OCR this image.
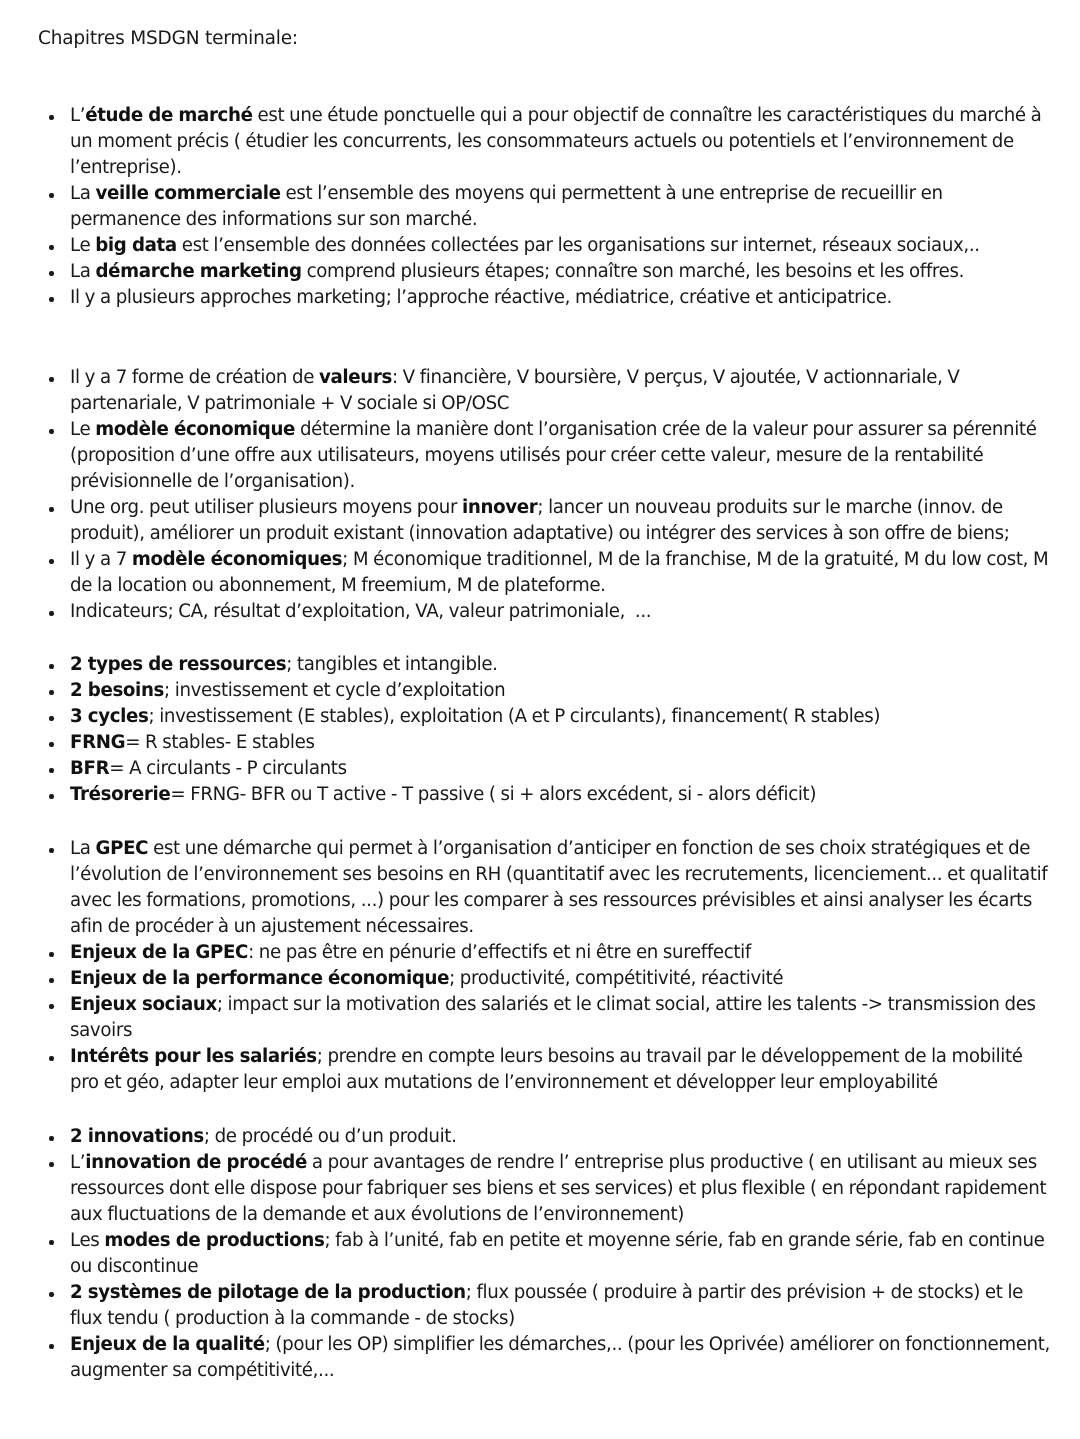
Chapitres MSDGN terminale:
L’étude de marché est une étude ponctuelle qui a pour objectif de connaître les caractéristiques du marché à un moment précis ( étudier les concurrents, les consommateurs actuels ou potentiels et l’environnement de l’entreprise).
La veille commerciale est l’ensemble des moyens qui permettent à une entreprise de recueillir en permanence des informations sur son marché.
Le big data est l’ensemble des données collectées par les organisations sur internet, réseaux sociaux,..
La démarche marketing comprend plusieurs étapes; connaître son marché, les besoins et les offres.
Il y a plusieurs approches marketing; l’approche réactive, médiatrice, créative et anticipatrice.
Il y a 7 forme de création de valeurs: V financière, V boursière, V perçus, V ajoutée, V actionnariale, V partenariale, V patrimoniale + V sociale si OP/OSC
Le modèle économique détermine la manière dont l’organisation crée de la valeur pour assurer sa pérennité (proposition d’une offre aux utilisateurs, moyens utilisés pour créer cette valeur, mesure de la rentabilité prévisionnelle de l’organisation).
Une org. peut utiliser plusieurs moyens pour innover; lancer un nouveau produits sur le marche (innov. de produit), améliorer un produit existant (innovation adaptative) ou intégrer des services à son offre de biens;
Il y a 7 modèle économiques; M économique traditionnel, M de la franchise, M de la gratuité, M du low cost, M de la location ou abonnement, M freemium, M de plateforme.
Indicateurs; CA, résultat d’exploitation, VA, valeur patrimoniale,  ...
2 types de ressources; tangibles et intangible.
2 besoins; investissement et cycle d’exploitation
3 cycles; investissement (E stables), exploitation (A et P circulants), financement( R stables)
FRNG= R stables- E stables
BFR= A circulants - P circulants
Trésorerie= FRNG- BFR ou T active - T passive ( si + alors excédent, si - alors déficit)
La GPEC est une démarche qui permet à l’organisation d’anticiper en fonction de ses choix stratégiques et de l’évolution de l’environnement ses besoins en RH (quantitatif avec les recrutements, licenciement... et qualitatif avec les formations, promotions, ...) pour les comparer à ses ressources prévisibles et ainsi analyser les écarts afin de procéder à un ajustement nécessaires.
Enjeux de la GPEC: ne pas être en pénurie d’effectifs et ni être en sureffectif
Enjeux de la performance économique; productivité, compétitivité, réactivité
Enjeux sociaux; impact sur la motivation des salariés et le climat social, attire les talents -> transmission des savoirs
Intérêts pour les salariés; prendre en compte leurs besoins au travail par le développement de la mobilité pro et géo, adapter leur emploi aux mutations de l’environnement et développer leur employabilité
2 innovations; de procédé ou d’un produit.
L’innovation de procédé a pour avantages de rendre l’ entreprise plus productive ( en utilisant au mieux ses ressources dont elle dispose pour fabriquer ses biens et ses services) et plus flexible ( en répondant rapidement aux fluctuations de la demande et aux évolutions de l’environnement)
Les modes de productions; fab à l’unité, fab en petite et moyenne série, fab en grande série, fab en continue ou discontinue
2 systèmes de pilotage de la production; flux poussée ( produire à partir des prévision + de stocks) et le flux tendu ( production à la commande - de stocks)
Enjeux de la qualité; (pour les OP) simplifier les démarches,.. (pour les Oprivée) améliorer on fonctionnement, augmenter sa compétitivité,...
